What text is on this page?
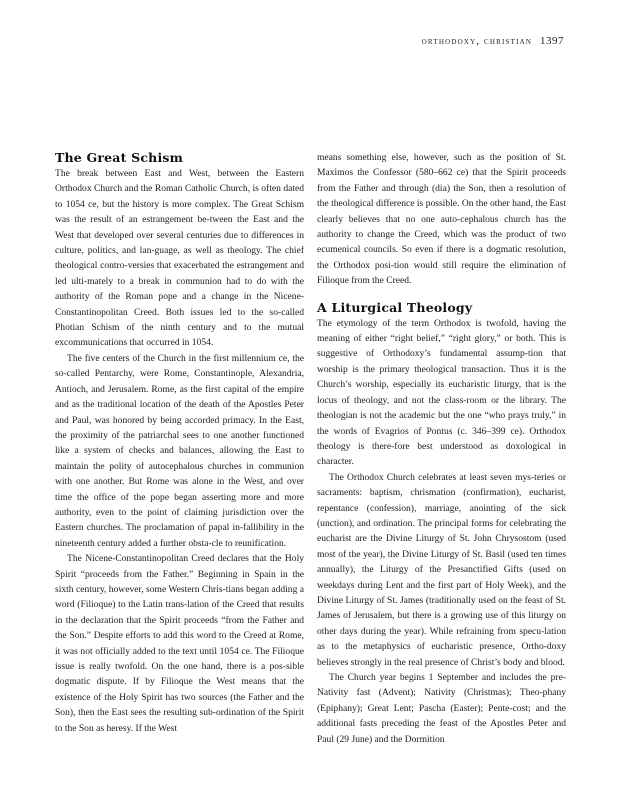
orthodoxy, christian 1397
The Great Schism

The break between East and West, between the Eastern Orthodox Church and the Roman Catholic Church, is often dated to 1054 ce, but the history is more complex. The Great Schism was the result of an estrangement be-tween the East and the West that developed over several centuries due to differences in culture, politics, and lan-guage, as well as theology. The chief theological contro-versies that exacerbated the estrangement and led ulti-mately to a break in communion had to do with the authority of the Roman pope and a change in the Nicene-Constantinopolitan Creed. Both issues led to the so-called Photian Schism of the ninth century and to the mutual excommunications that occurred in 1054.

The five centers of the Church in the first millennium ce, the so-called Pentarchy, were Rome, Constantinople, Alexandria, Antioch, and Jerusalem. Rome, as the first capital of the empire and as the traditional location of the death of the Apostles Peter and Paul, was honored by being accorded primacy. In the East, the proximity of the patriarchal sees to one another functioned like a system of checks and balances, allowing the East to maintain the polity of autocephalous churches in communion with one another. But Rome was alone in the West, and over time the office of the pope began asserting more and more authority, even to the point of claiming jurisdiction over the Eastern churches. The proclamation of papal in-fallibility in the nineteenth century added a further obsta-cle to reunification.

The Nicene-Constantinopolitan Creed declares that the Holy Spirit “proceeds from the Father.” Beginning in Spain in the sixth century, however, some Western Chris-tians began adding a word (Filioque) to the Latin trans-lation of the Creed that results in the declaration that the Spirit proceeds “from the Father and the Son.” Despite efforts to add this word to the Creed at Rome, it was not officially added to the text until 1054 ce. The Filioque issue is really twofold. On the one hand, there is a pos-sible dogmatic dispute. If by Filioque the West means that the existence of the Holy Spirit has two sources (the Father and the Son), then the East sees the resulting sub-ordination of the Spirit to the Son as heresy. If the West

means something else, however, such as the position of St. Maximos the Confessor (580–662 ce) that the Spirit proceeds from the Father and through (dia) the Son, then a resolution of the theological difference is possible. On the other hand, the East clearly believes that no one auto-cephalous church has the authority to change the Creed, which was the product of two ecumenical councils. So even if there is a dogmatic resolution, the Orthodox posi-tion would still require the elimination of Filioque from the Creed.

A Liturgical Theology

The etymology of the term Orthodox is twofold, having the meaning of either “right belief,” “right glory,” or both. This is suggestive of Orthodoxy’s fundamental assump-tion that worship is the primary theological transaction. Thus it is the Church’s worship, especially its eucharistic liturgy, that is the locus of theology, and not the class-room or the library. The theologian is not the academic but the one “who prays truly,” in the words of Evagrios of Pontus (c. 346–399 ce). Orthodox theology is there-fore best understood as doxological in character.

The Orthodox Church celebrates at least seven mys-teries or sacraments: baptism, chrismation (confirmation), eucharist, repentance (confession), marriage, anointing of the sick (unction), and ordination. The principal forms for celebrating the eucharist are the Divine Liturgy of St. John Chrysostom (used most of the year), the Divine Liturgy of St. Basil (used ten times annually), the Liturgy of the Presanctified Gifts (used on weekdays during Lent and the first part of Holy Week), and the Divine Liturgy of St. James (traditionally used on the feast of St. James of Jerusalem, but there is a growing use of this liturgy on other days during the year). While refraining from specu-lation as to the metaphysics of eucharistic presence, Ortho-doxy believes strongly in the real presence of Christ’s body and blood.

The Church year begins 1 September and includes the pre-Nativity fast (Advent); Nativity (Christmas); Theo-phany (Epiphany); Great Lent; Pascha (Easter); Pente-cost; and the additional fasts preceding the feast of the Apostles Peter and Paul (29 June) and the Dormition
